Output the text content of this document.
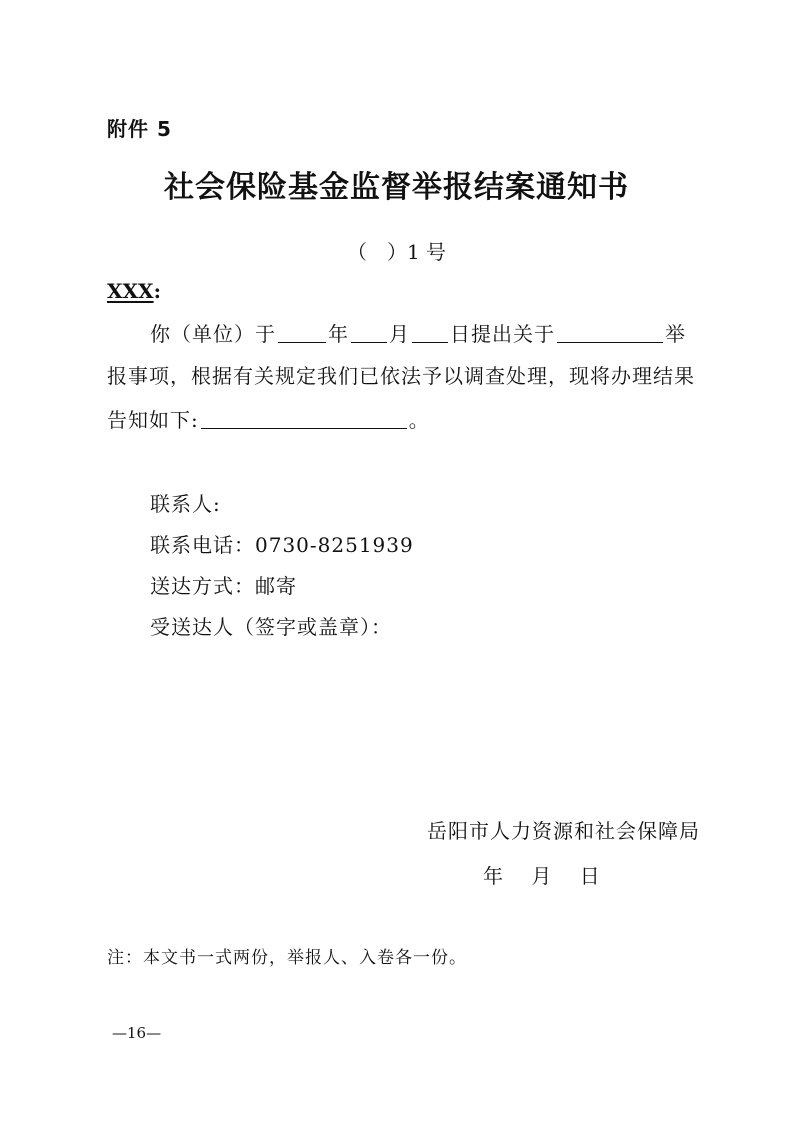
附件 5
社会保险基金监督举报结案通知书
（　）1 号
XXX:
你（单位）于	年 月 日提出关于	举
报事项，根据有关规定我们已依法予以调查处理，现将办理结果
告知如下:	。
联系人:
联系电话：0730-8251939
送达方式：邮寄
受送达人（签字或盖章）：
岳阳市人力资源和社会保障局
年 月 日
注：本文书一式两份，举报人、入卷各一份。
—16—
